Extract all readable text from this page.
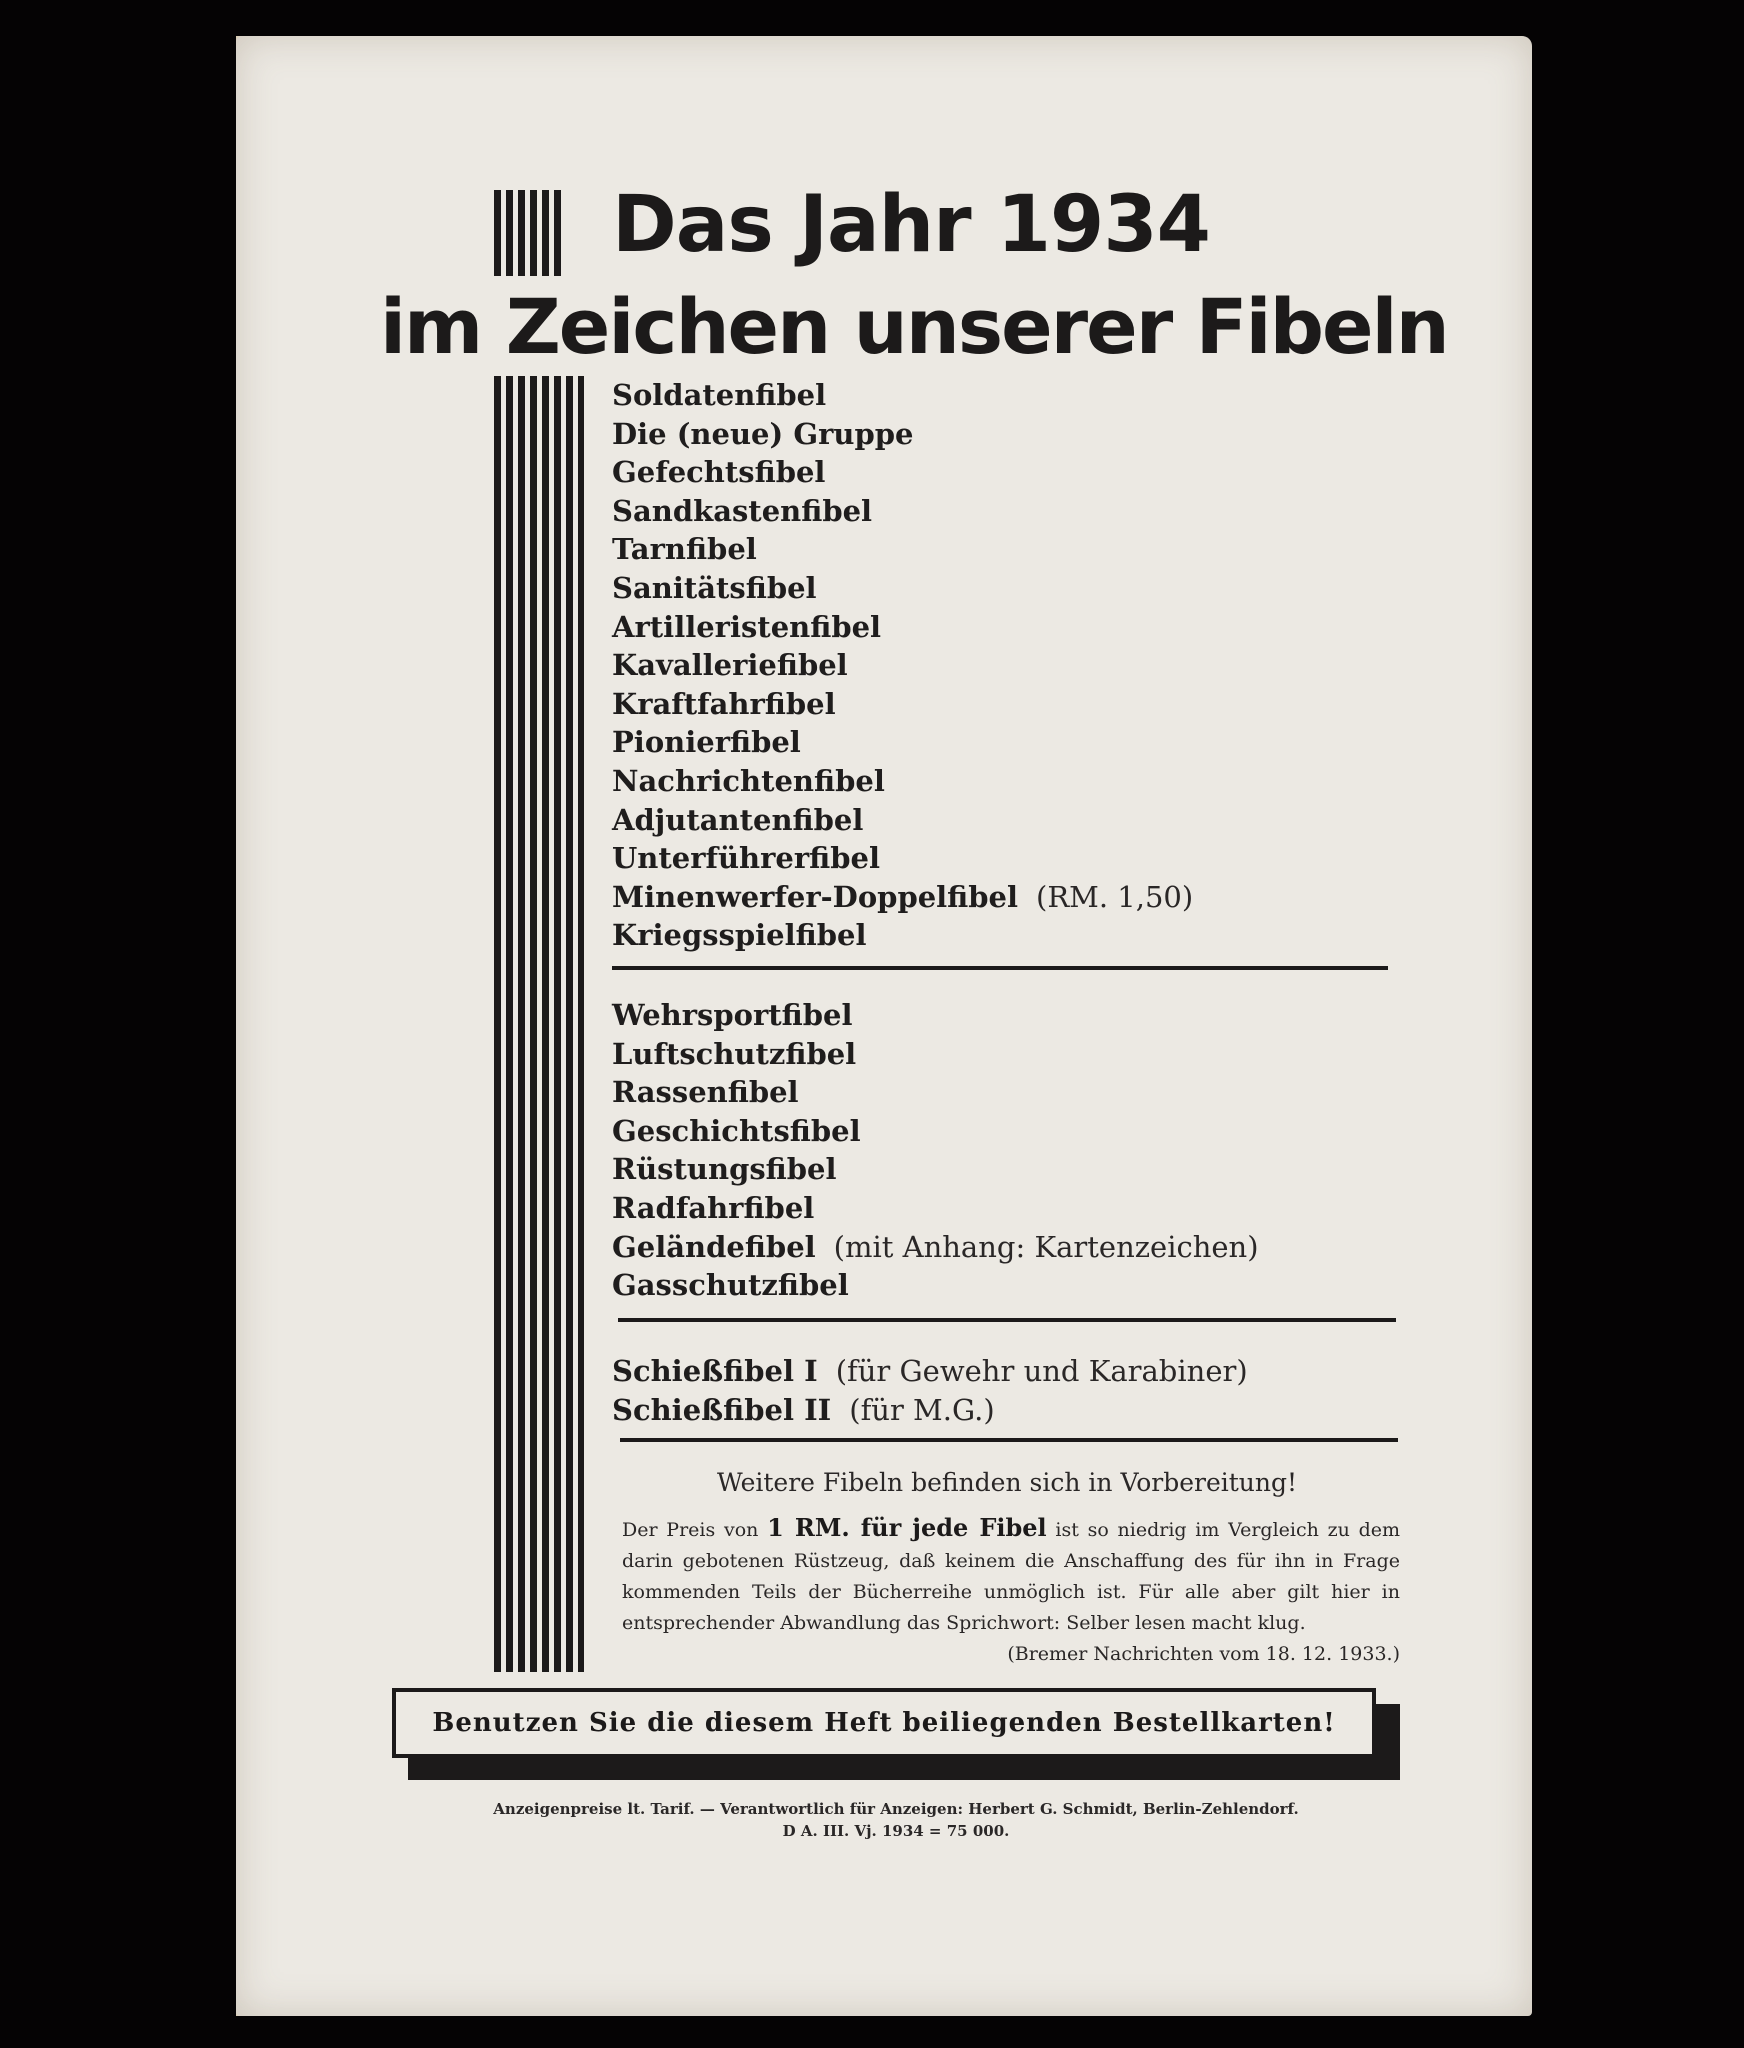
Das Jahr 1934
im Zeichen unserer Fibeln
Soldatenfibel
Die (neue) Gruppe
Gefechtsfibel
Sandkastenfibel
Tarnfibel
Sanitätsfibel
Artilleristenfibel
Kavalleriefibel
Kraftfahrfibel
Pionierfibel
Nachrichtenfibel
Adjutantenfibel
Unterführerfibel
Minenwerfer-Doppelfibel (RM. 1,50)
Kriegsspielfibel
Wehrsportfibel
Luftschutzfibel
Rassenfibel
Geschichtsfibel
Rüstungsfibel
Radfahrfibel
Geländefibel (mit Anhang: Kartenzeichen)
Gasschutzfibel
Schießfibel I (für Gewehr und Karabiner)
Schießfibel II (für M.G.)
Weitere Fibeln befinden sich in Vorbereitung!
Der Preis von 1 RM. für jede Fibel ist so niedrig im Vergleich zu dem darin gebotenen Rüstzeug, daß keinem die Anschaffung des für ihn in Frage kommenden Teils der Bücherreihe unmöglich ist. Für alle aber gilt hier in entsprechender Abwandlung das Sprichwort: Selber lesen macht klug.
(Bremer Nachrichten vom 18. 12. 1933.)
Benutzen Sie die diesem Heft beiliegenden Bestellkarten!
Anzeigenpreise lt. Tarif. — Verantwortlich für Anzeigen: Herbert G. Schmidt, Berlin-Zehlendorf.
D A. III. Vj. 1934 = 75 000.
